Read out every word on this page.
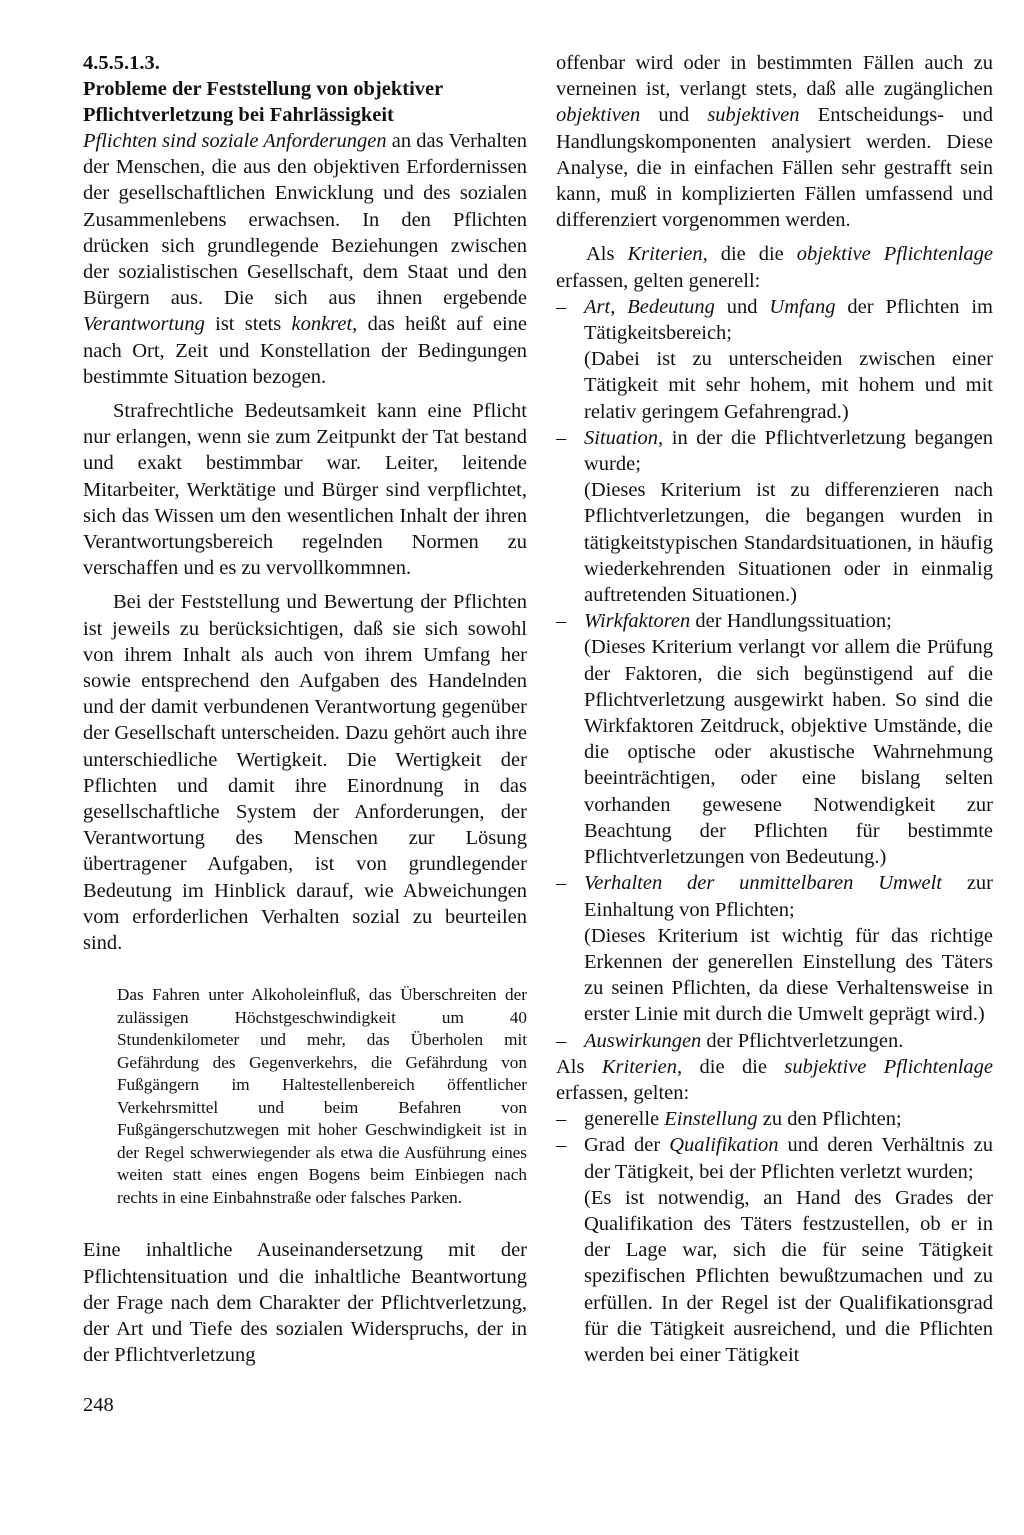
4.5.5.1.3.

Probleme der Feststellung von objektiver Pflichtverletzung bei Fahrlässigkeit

Pflichten sind soziale Anforderungen an das Verhalten der Menschen, die aus den objektiven Erfordernissen der gesellschaftlichen Enwicklung und des sozialen Zusammenlebens erwachsen. In den Pflichten drücken sich grundlegende Beziehungen zwischen der sozialistischen Gesellschaft, dem Staat und den Bürgern aus. Die sich aus ihnen ergebende Verantwortung ist stets konkret, das heißt auf eine nach Ort, Zeit und Konstellation der Bedingungen bestimmte Situation bezogen.

Strafrechtliche Bedeutsamkeit kann eine Pflicht nur erlangen, wenn sie zum Zeitpunkt der Tat bestand und exakt bestimmbar war. Leiter, leitende Mitarbeiter, Werktätige und Bürger sind verpflichtet, sich das Wissen um den wesentlichen Inhalt der ihren Verantwortungsbereich regelnden Normen zu verschaffen und es zu vervollkommnen.

Bei der Feststellung und Bewertung der Pflichten ist jeweils zu berücksichtigen, daß sie sich sowohl von ihrem Inhalt als auch von ihrem Umfang her sowie entsprechend den Aufgaben des Handelnden und der damit verbundenen Verantwortung gegenüber der Gesellschaft unterscheiden. Dazu gehört auch ihre unterschiedliche Wertigkeit. Die Wertigkeit der Pflichten und damit ihre Einordnung in das gesellschaftliche System der Anforderungen, der Verantwortung des Menschen zur Lösung übertragener Aufgaben, ist von grundlegender Bedeutung im Hinblick darauf, wie Abweichungen vom erforderlichen Verhalten sozial zu beurteilen sind.

Das Fahren unter Alkoholeinfluß, das Überschreiten der zulässigen Höchstgeschwindigkeit um 40 Stundenkilometer und mehr, das Überholen mit Gefährdung des Gegenverkehrs, die Gefährdung von Fußgängern im Haltestellenbereich öffentlicher Verkehrsmittel und beim Befahren von Fußgängerschutzwegen mit hoher Geschwindigkeit ist in der Regel schwerwiegender als etwa die Ausführung eines weiten statt eines engen Bogens beim Einbiegen nach rechts in eine Einbahnstraße oder falsches Parken.

Eine inhaltliche Auseinandersetzung mit der Pflichtensituation und die inhaltliche Beantwortung der Frage nach dem Charakter der Pflichtverletzung, der Art und Tiefe des sozialen Widerspruchs, der in der Pflichtverletzung

offenbar wird oder in bestimmten Fällen auch zu verneinen ist, verlangt stets, daß alle zugänglichen objektiven und subjektiven Entscheidungs- und Handlungskomponenten analysiert werden. Diese Analyse, die in einfachen Fällen sehr gestrafft sein kann, muß in komplizierten Fällen umfassend und differenziert vorgenommen werden.

Als Kriterien, die die objektive Pflichtenlage erfassen, gelten generell:

– Art, Bedeutung und Umfang der Pflichten im Tätigkeitsbereich;

(Dabei ist zu unterscheiden zwischen einer Tätigkeit mit sehr hohem, mit hohem und mit relativ geringem Gefahrengrad.)

– Situation, in der die Pflichtverletzung begangen wurde;

(Dieses Kriterium ist zu differenzieren nach Pflichtverletzungen, die begangen wurden in tätigkeitstypischen Standardsituationen, in häufig wiederkehrenden Situationen oder in einmalig auftretenden Situationen.)

– Wirkfaktoren der Handlungssituation;

(Dieses Kriterium verlangt vor allem die Prüfung der Faktoren, die sich begünstigend auf die Pflichtverletzung ausgewirkt haben. So sind die Wirkfaktoren Zeitdruck, objektive Umstände, die die optische oder akustische Wahrnehmung beeinträchtigen, oder eine bislang selten vorhanden gewesene Notwendigkeit zur Beachtung der Pflichten für bestimmte Pflichtverletzungen von Bedeutung.)

– Verhalten der unmittelbaren Umwelt zur Einhaltung von Pflichten;

(Dieses Kriterium ist wichtig für das richtige Erkennen der generellen Einstellung des Täters zu seinen Pflichten, da diese Verhaltensweise in erster Linie mit durch die Umwelt geprägt wird.)

– Auswirkungen der Pflichtverletzungen.

Als Kriterien, die die subjektive Pflichtenlage erfassen, gelten:

– generelle Einstellung zu den Pflichten;

– Grad der Qualifikation und deren Verhältnis zu der Tätigkeit, bei der Pflichten verletzt wurden;

(Es ist notwendig, an Hand des Grades der Qualifikation des Täters festzustellen, ob er in der Lage war, sich die für seine Tätigkeit spezifischen Pflichten bewußtzumachen und zu erfüllen. In der Regel ist der Qualifikationsgrad für die Tätigkeit ausreichend, und die Pflichten werden bei einer Tätigkeit

248
